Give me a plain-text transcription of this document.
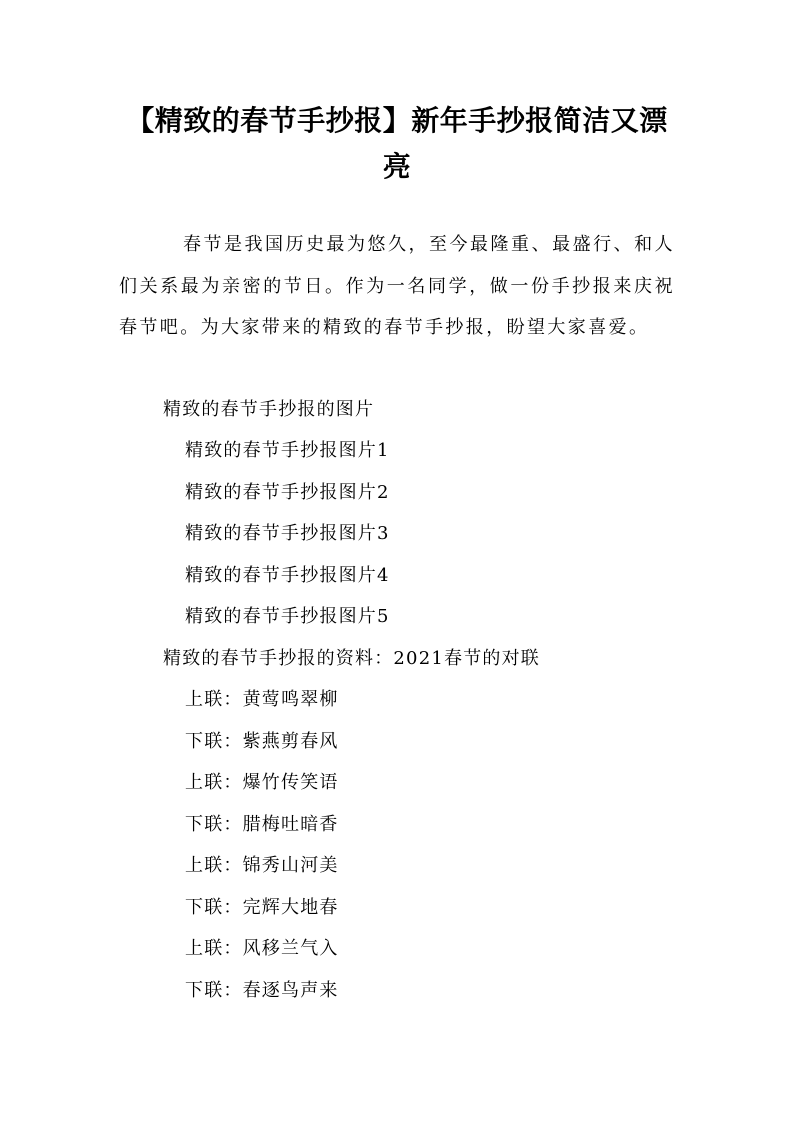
【精致的春节手抄报】新年手抄报简洁又漂
亮

春节是我国历史最为悠久，至今最隆重、最盛行、和人们关系最为亲密的节日。作为一名同学，做一份手抄报来庆祝春节吧。为大家带来的精致的春节手抄报，盼望大家喜爱。

精致的春节手抄报的图片

精致的春节手抄报图片1

精致的春节手抄报图片2

精致的春节手抄报图片3

精致的春节手抄报图片4

精致的春节手抄报图片5

精致的春节手抄报的资料：2021春节的对联

上联：黄莺鸣翠柳

下联：紫燕剪春风

上联：爆竹传笑语

下联：腊梅吐暗香

上联：锦秀山河美

下联：完辉大地春

上联：风移兰气入

下联：春逐鸟声来
